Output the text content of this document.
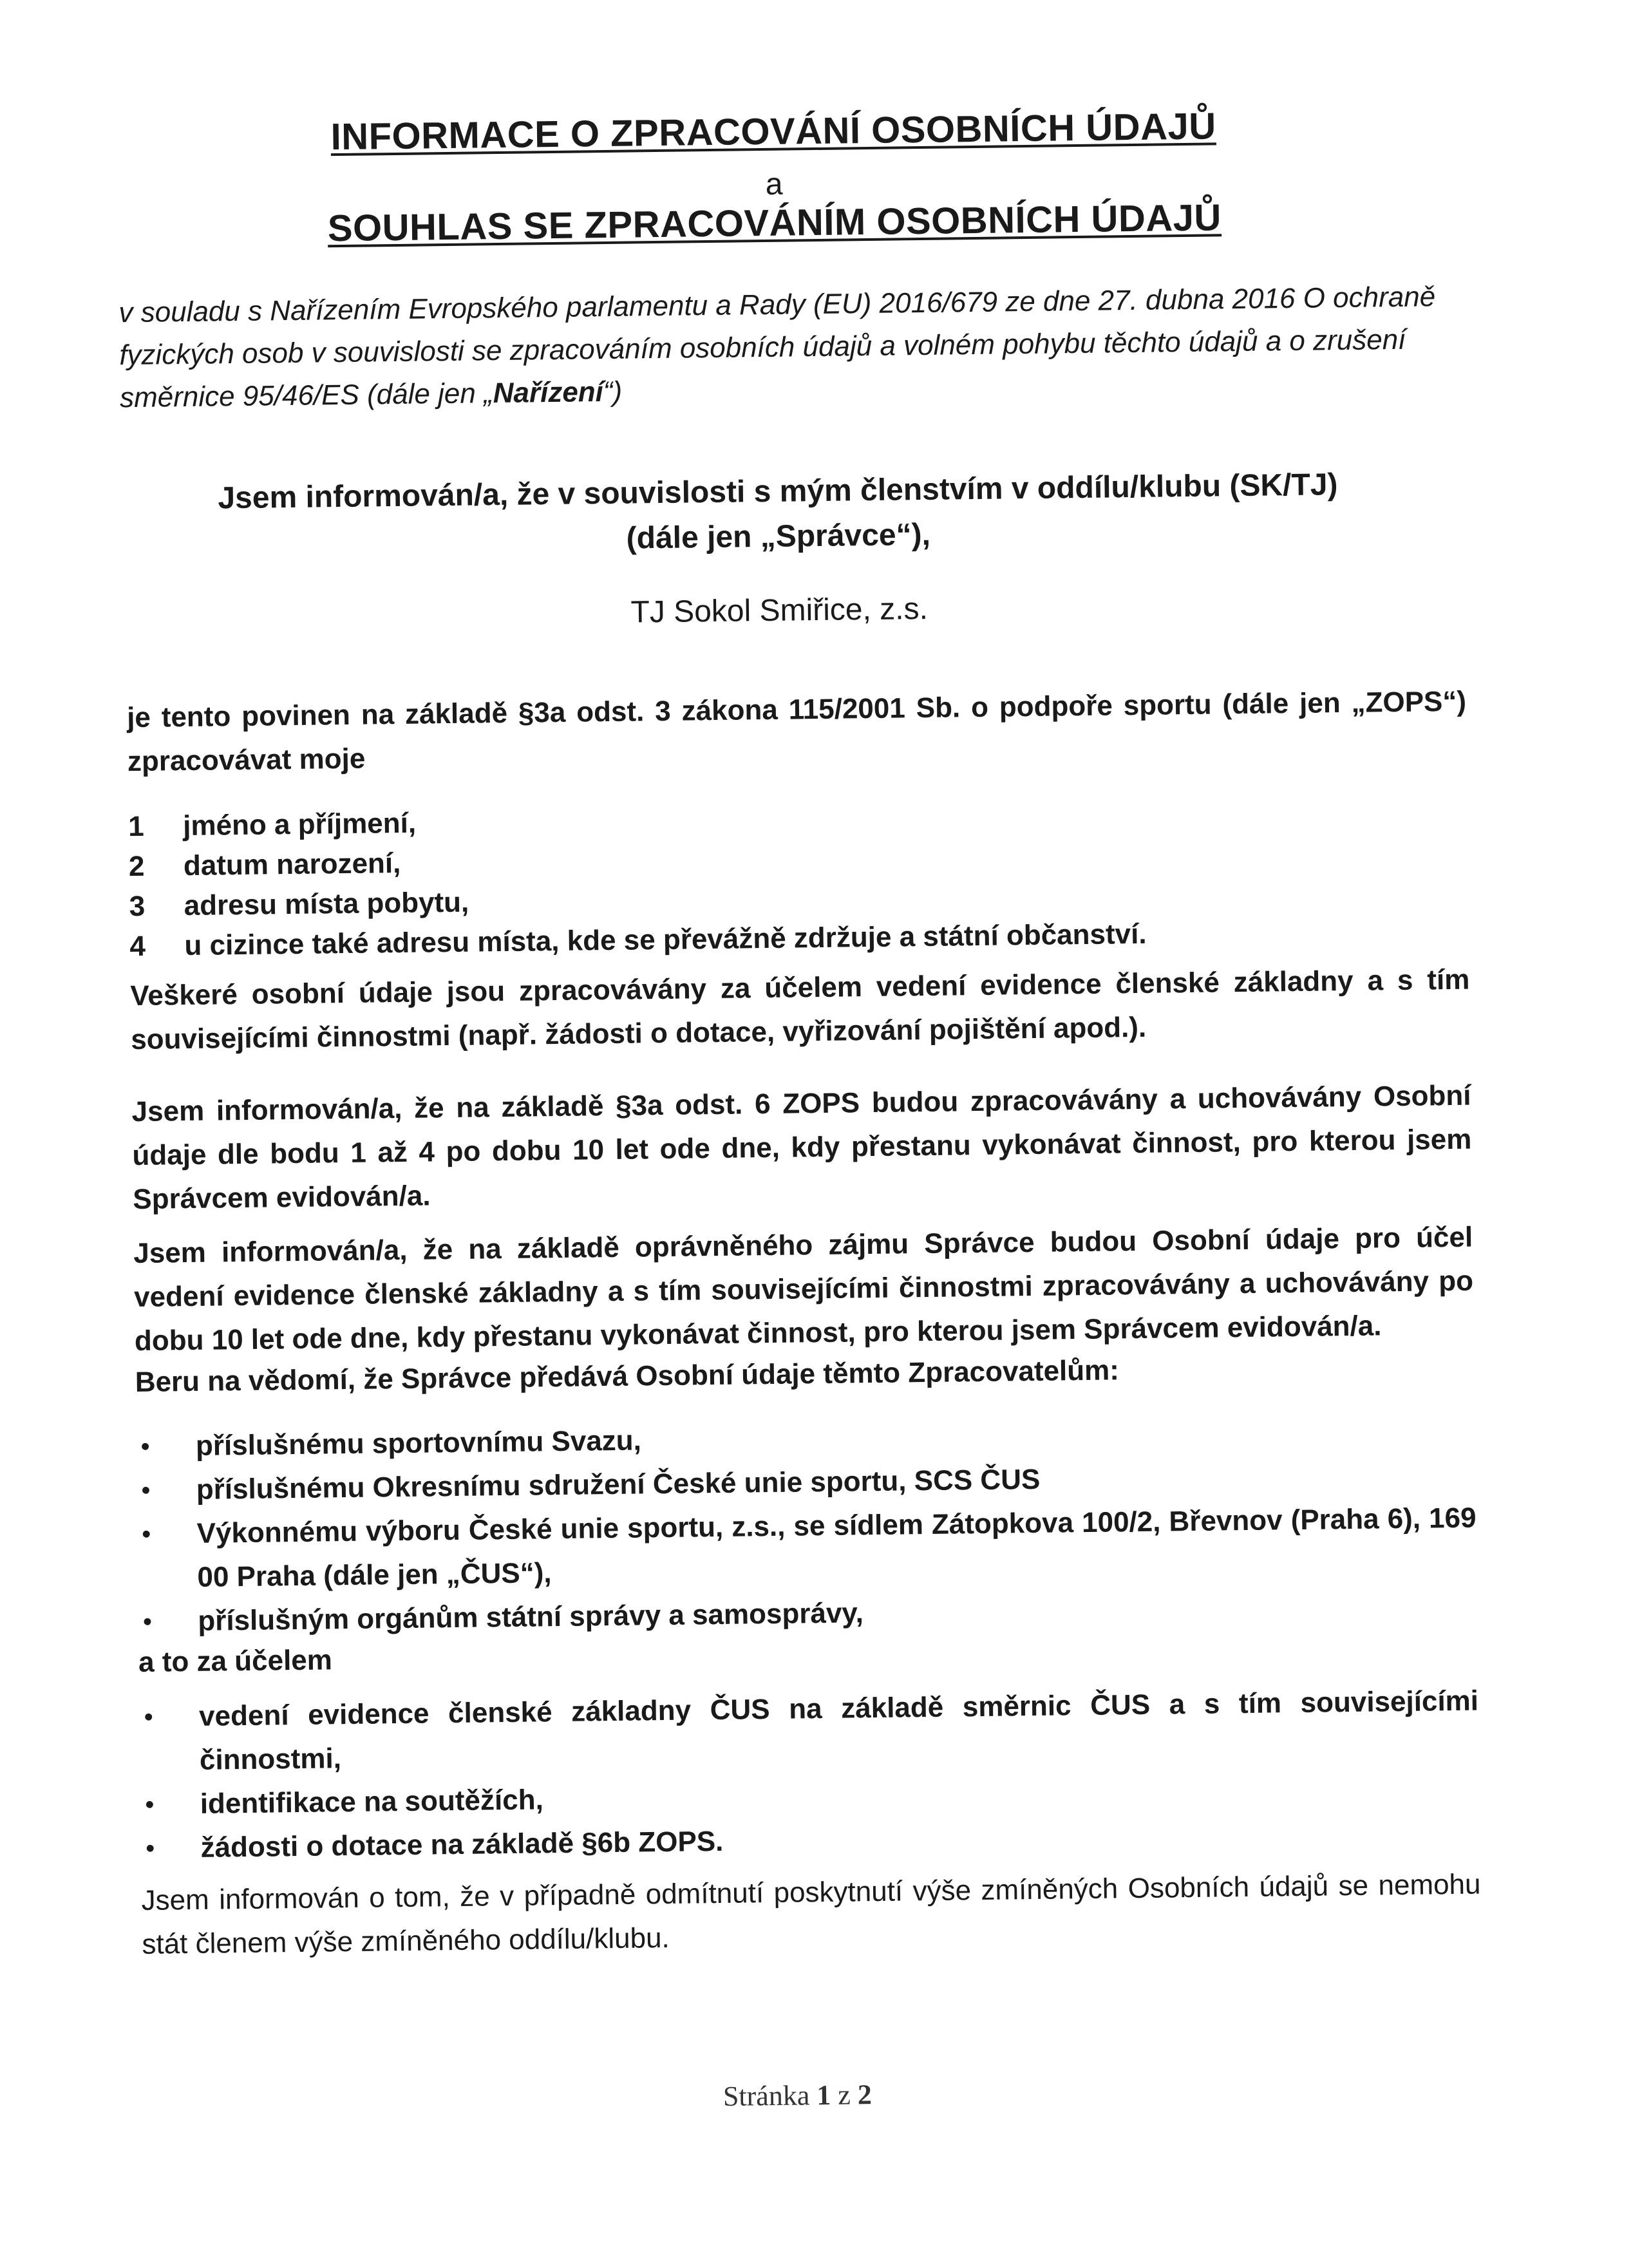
INFORMACE O ZPRACOVÁNÍ OSOBNÍCH ÚDAJŮ
a
SOUHLAS SE ZPRACOVÁNÍM OSOBNÍCH ÚDAJŮ

v souladu s Nařízením Evropského parlamentu a Rady (EU) 2016/679 ze dne 27. dubna 2016 O ochraně fyzických osob v souvislosti se zpracováním osobních údajů a volném pohybu těchto údajů a o zrušení směrnice 95/46/ES (dále jen „Nařízení“)

Jsem informován/a, že v souvislosti s mým členstvím v oddílu/klubu (SK/TJ)
(dále jen „Správce“),
TJ Sokol Smiřice, z.s.

je tento povinen na základě §3a odst. 3 zákona 115/2001 Sb. o podpoře sportu (dále jen „ZOPS“) zpracovávat moje

1	jméno a příjmení,
2	datum narození,
3	adresu místa pobytu,
4	u cizince také adresu místa, kde se převážně zdržuje a státní občanství.

Veškeré osobní údaje jsou zpracovávány za účelem vedení evidence členské základny a s tím souvisejícími činnostmi (např. žádosti o dotace, vyřizování pojištění apod.).

Jsem informován/a, že na základě §3a odst. 6 ZOPS budou zpracovávány a uchovávány Osobní údaje dle bodu 1 až 4 po dobu 10 let ode dne, kdy přestanu vykonávat činnost, pro kterou jsem Správcem evidován/a.

Jsem informován/a, že na základě oprávněného zájmu Správce budou Osobní údaje pro účel vedení evidence členské základny a s tím souvisejícími činnostmi zpracovávány a uchovávány po dobu 10 let ode dne, kdy přestanu vykonávat činnost, pro kterou jsem Správcem evidován/a.

Beru na vědomí, že Správce předává Osobní údaje těmto Zpracovatelům:

•	příslušnému sportovnímu Svazu,
•	příslušnému Okresnímu sdružení České unie sportu, SCS ČUS
•	Výkonnému výboru České unie sportu, z.s., se sídlem Zátopkova 100/2, Břevnov (Praha 6), 169 00 Praha (dále jen „ČUS“),
•	příslušným orgánům státní správy a samosprávy,

a to za účelem

•	vedení evidence členské základny ČUS na základě směrnic ČUS a s tím souvisejícími činnostmi,
•	identifikace na soutěžích,
•	žádosti o dotace na základě §6b ZOPS.

Jsem informován o tom, že v případně odmítnutí poskytnutí výše zmíněných Osobních údajů se nemohu stát členem výše zmíněného oddílu/klubu.

Stránka 1 z 2
